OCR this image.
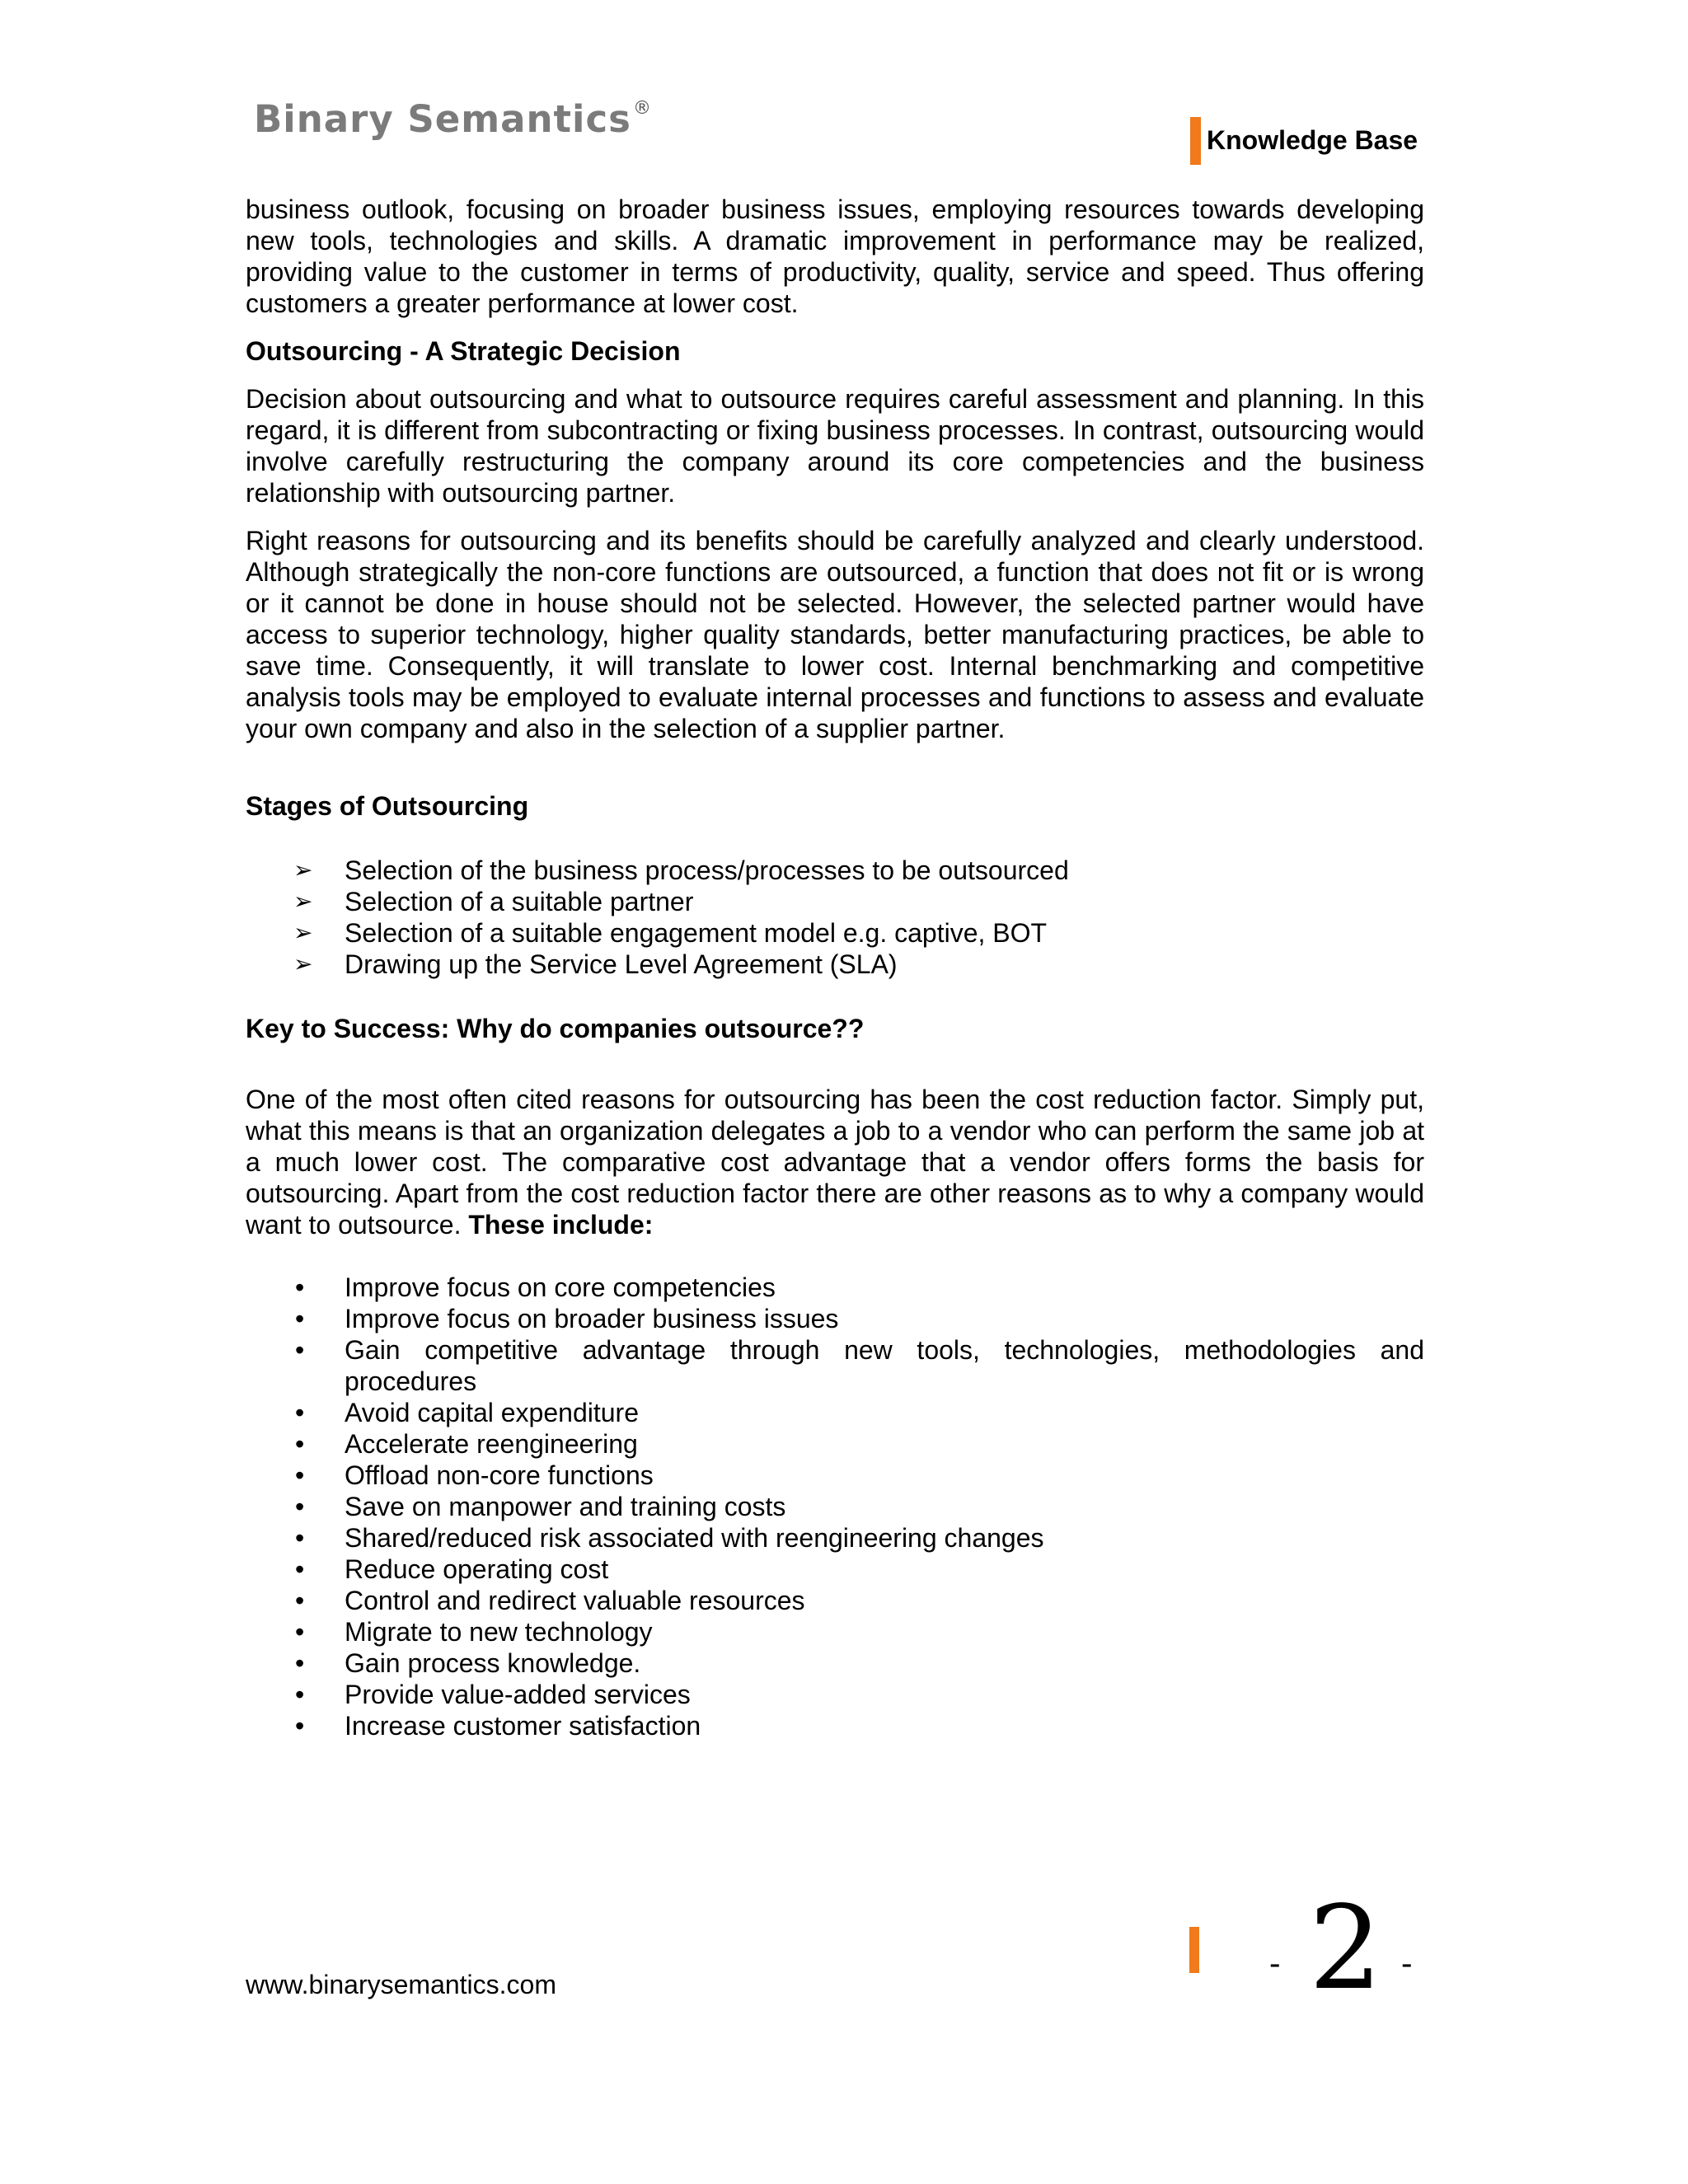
Binary Semantics®
Knowledge Base

business outlook, focusing on broader business issues, employing resources towards developing new tools, technologies and skills. A dramatic improvement in performance may be realized, providing value to the customer in terms of productivity, quality, service and speed. Thus offering customers a greater performance at lower cost.

Outsourcing - A Strategic Decision

Decision about outsourcing and what to outsource requires careful assessment and planning. In this regard, it is different from subcontracting or fixing business processes. In contrast, outsourcing would involve carefully restructuring the company around its core competencies and the business relationship with outsourcing partner.

Right reasons for outsourcing and its benefits should be carefully analyzed and clearly understood. Although strategically the non-core functions are outsourced, a function that does not fit or is wrong or it cannot be done in house should not be selected. However, the selected partner would have access to superior technology, higher quality standards, better manufacturing practices, be able to save time. Consequently, it will translate to lower cost. Internal benchmarking and competitive analysis tools may be employed to evaluate internal processes and functions to assess and evaluate your own company and also in the selection of a supplier partner.

Stages of Outsourcing
➢ Selection of the business process/processes to be outsourced
➢ Selection of a suitable partner
➢ Selection of a suitable engagement model e.g. captive, BOT
➢ Drawing up the Service Level Agreement (SLA)
Key to Success: Why do companies outsource??

One of the most often cited reasons for outsourcing has been the cost reduction factor. Simply put, what this means is that an organization delegates a job to a vendor who can perform the same job at a much lower cost. The comparative cost advantage that a vendor offers forms the basis for outsourcing. Apart from the cost reduction factor there are other reasons as to why a company would want to outsource. These include:

• Improve focus on core competencies
• Improve focus on broader business issues
• Gain competitive advantage through new tools, technologies, methodologies and procedures
• Avoid capital expenditure
• Accelerate reengineering
• Offload non-core functions
• Save on manpower and training costs
• Shared/reduced risk associated with reengineering changes
• Reduce operating cost
• Control and redirect valuable resources
• Migrate to new technology
• Gain process knowledge.
• Provide value-added services
• Increase customer satisfaction
www.binarysemantics.com
- 2 -
